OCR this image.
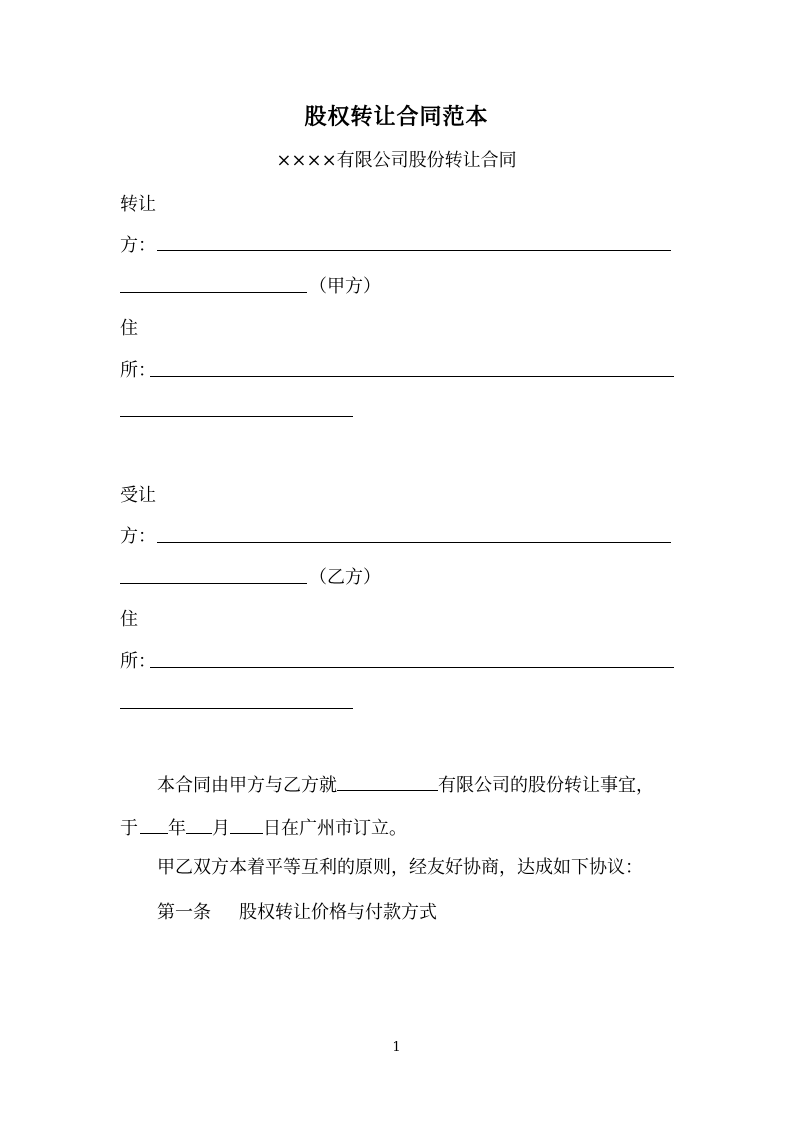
股权转让合同范本
××××有限公司股份转让合同
转让
方：
（甲方）
住
所：
受让
方：
（乙方）
住
所：
本合同由甲方与乙方就	有限公司的股份转让事宜，
于 年 月 日在广州市订立。
甲乙双方本着平等互利的原则，经友好协商，达成如下协议：
第一条 股权转让价格与付款方式
1
